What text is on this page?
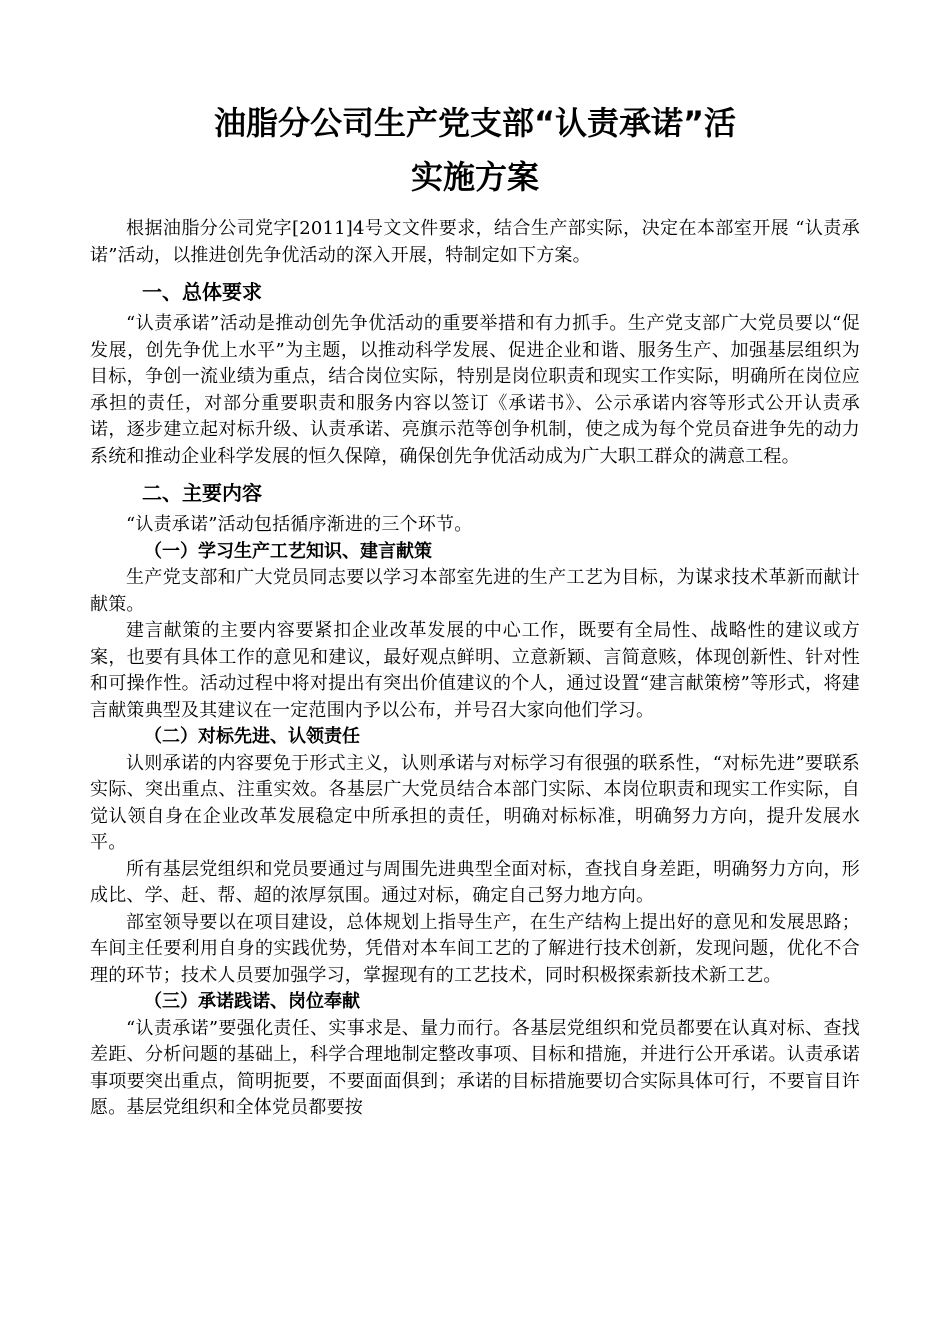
油脂分公司生产党支部“认责承诺”活
实施方案

根据油脂分公司党字[2011]4号文文件要求，结合生产部实际，决定在本部室开展 “认责承诺”活动，以推进创先争优活动的深入开展，特制定如下方案。

一、总体要求

“认责承诺”活动是推动创先争优活动的重要举措和有力抓手。生产党支部广大党员要以“促发展，创先争优上水平”为主题，以推动科学发展、促进企业和谐、服务生产、加强基层组织为目标，争创一流业绩为重点，结合岗位实际，特别是岗位职责和现实工作实际，明确所在岗位应承担的责任，对部分重要职责和服务内容以签订《承诺书》、公示承诺内容等形式公开认责承诺，逐步建立起对标升级、认责承诺、亮旗示范等创争机制，使之成为每个党员奋进争先的动力系统和推动企业科学发展的恒久保障，确保创先争优活动成为广大职工群众的满意工程。

二、主要内容

“认责承诺”活动包括循序渐进的三个环节。

（一）学习生产工艺知识、建言献策

生产党支部和广大党员同志要以学习本部室先进的生产工艺为目标，为谋求技术革新而献计献策。

建言献策的主要内容要紧扣企业改革发展的中心工作，既要有全局性、战略性的建议或方案，也要有具体工作的意见和建议，最好观点鲜明、立意新颖、言简意赅，体现创新性、针对性和可操作性。活动过程中将对提出有突出价值建议的个人，通过设置“建言献策榜”等形式，将建言献策典型及其建议在一定范围内予以公布，并号召大家向他们学习。

（二）对标先进、认领责任

认则承诺的内容要免于形式主义，认则承诺与对标学习有很强的联系性，“对标先进”要联系实际、突出重点、注重实效。各基层广大党员结合本部门实际、本岗位职责和现实工作实际，自觉认领自身在企业改革发展稳定中所承担的责任，明确对标标准，明确努力方向，提升发展水平。

所有基层党组织和党员要通过与周围先进典型全面对标，查找自身差距，明确努力方向，形成比、学、赶、帮、超的浓厚氛围。通过对标，确定自己努力地方向。

部室领导要以在项目建设，总体规划上指导生产，在生产结构上提出好的意见和发展思路；车间主任要利用自身的实践优势，凭借对本车间工艺的了解进行技术创新，发现问题，优化不合理的环节；技术人员要加强学习，掌握现有的工艺技术，同时积极探索新技术新工艺。

（三）承诺践诺、岗位奉献

“认责承诺”要强化责任、实事求是、量力而行。各基层党组织和党员都要在认真对标、查找差距、分析问题的基础上，科学合理地制定整改事项、目标和措施，并进行公开承诺。认责承诺事项要突出重点，简明扼要，不要面面俱到；承诺的目标措施要切合实际具体可行，不要盲目许愿。基层党组织和全体党员都要按
